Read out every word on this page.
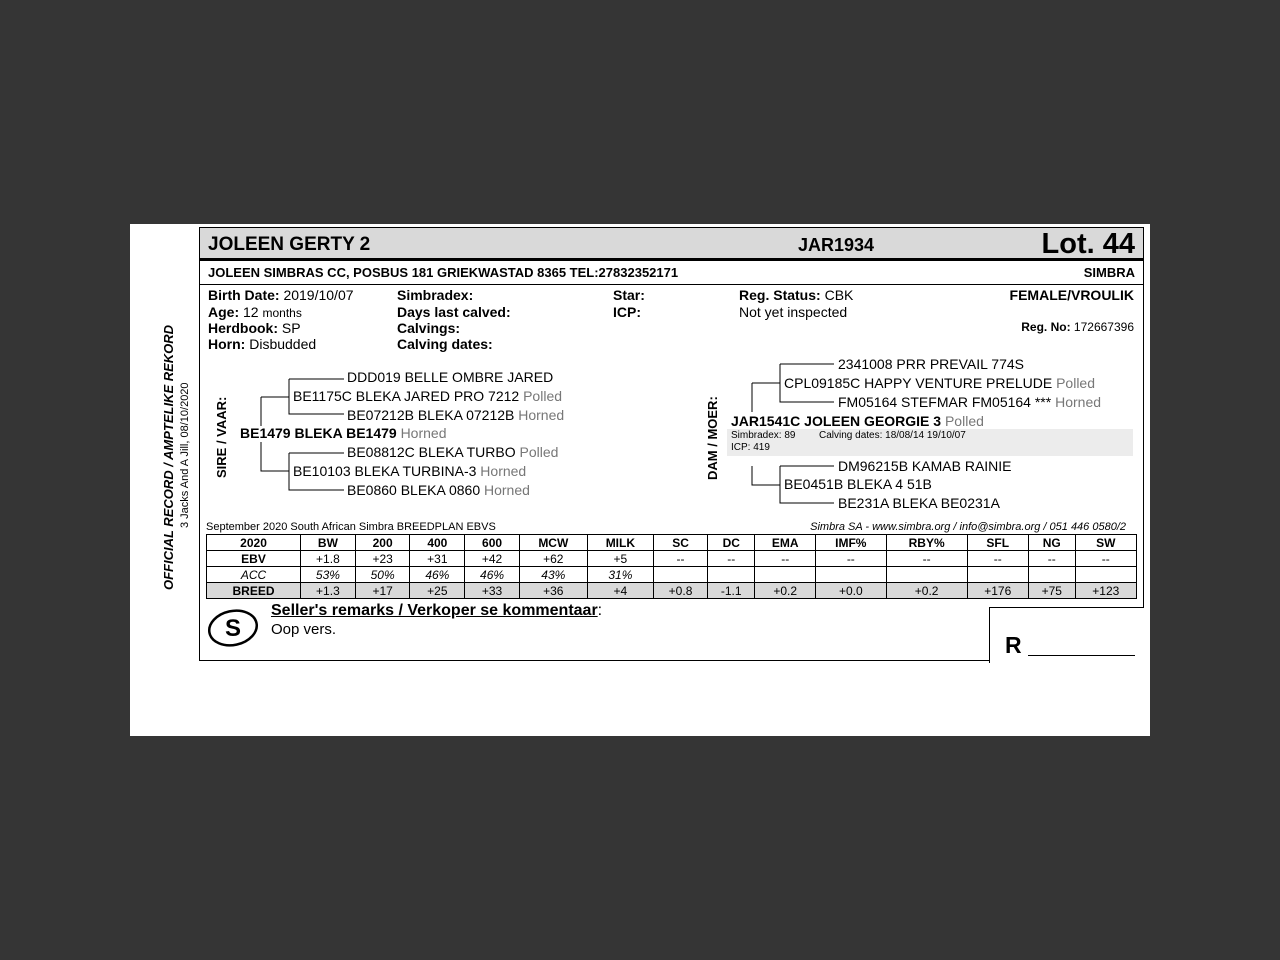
OFFICIAL RECORD / AMPTELIKE REKORD 3 Jacks And A Jill, 08/10/2020
JOLEEN GERTY 2	JAR1934	Lot. 44
JOLEEN SIMBRAS CC, POSBUS 181 GRIEKWASTAD 8365 TEL:27832352171	SIMBRA
Birth Date: 2019/10/07
Age: 12 months
Herdbook: SP
Horn: Disbudded
Simbradex:
Days last calved:
Calvings:
Calving dates:
Star:
ICP:
Reg. Status: CBK
Not yet inspected
FEMALE/VROULIK
Reg. No: 172667396
SIRE / VAAR:	DAM / MOER:
DDD019 BELLE OMBRE JARED
BE1175C BLEKA JARED PRO 7212 Polled
BE07212B BLEKA 07212B Horned
BE1479 BLEKA BE1479 Horned
BE08812C BLEKA TURBO Polled
BE10103 BLEKA TURBINA-3 Horned
BE0860 BLEKA 0860 Horned
2341008 PRR PREVAIL 774S
CPL09185C HAPPY VENTURE PRELUDE Polled
FM05164 STEFMAR FM05164 *** Horned
JAR1541C JOLEEN GEORGIE 3 Polled
Simbradex: 89 Calving dates: 18/08/14 19/10/07
ICP: 419
DM96215B KAMAB RAINIE
BE0451B BLEKA 4 51B
BE231A BLEKA BE0231A
September 2020 South African Simbra BREEDPLAN EBVS	Simbra SA - www.simbra.org / info@simbra.org / 051 446 0580/2
2020	BW	200	400	600	MCW	MILK	SC	DC	EMA	IMF%	RBY%	SFL	NG	SW
EBV	+1.8	+23	+31	+42	+62	+5	--	--	--	--	--	--	--	--
ACC	53%	50%	46%	46%	43%	31%								
BREED	+1.3	+17	+25	+33	+36	+4	+0.8	-1.1	+0.2	+0.0	+0.2	+176	+75	+123
S
Seller's remarks / Verkoper se kommentaar:
Oop vers.
R
